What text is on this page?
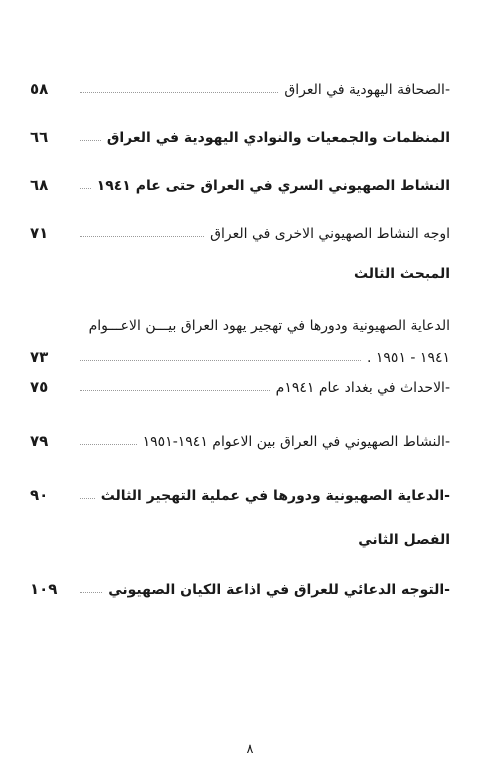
٥٨	-الصحافة اليهودية في العراق
٦٦	المنظمات والجمعيات والنوادي اليهودية في العراق
٦٨	النشاط الصهيوني السري في العراق حتى عام ١٩٤١
٧١	اوجه النشاط الصهيوني الاخرى في العراق
المبحث الثالث
الدعاية الصهيونية ودورها في تهجير يهود العراق بيـــن الاعـــوام
٧٣	١٩٤١ - ١٩٥١ .
٧٥	-الاحداث في بغداد عام ١٩٤١م
٧٩	-النشاط الصهيوني في العراق بين الاعوام ١٩٤١-١٩٥١
٩٠	-الدعاية الصهيونية ودورها في عملية التهجير الثالث
الفصل الثاني
١٠٩	-التوجه الدعائي للعراق في اذاعة الكيان الصهيوني
٨
